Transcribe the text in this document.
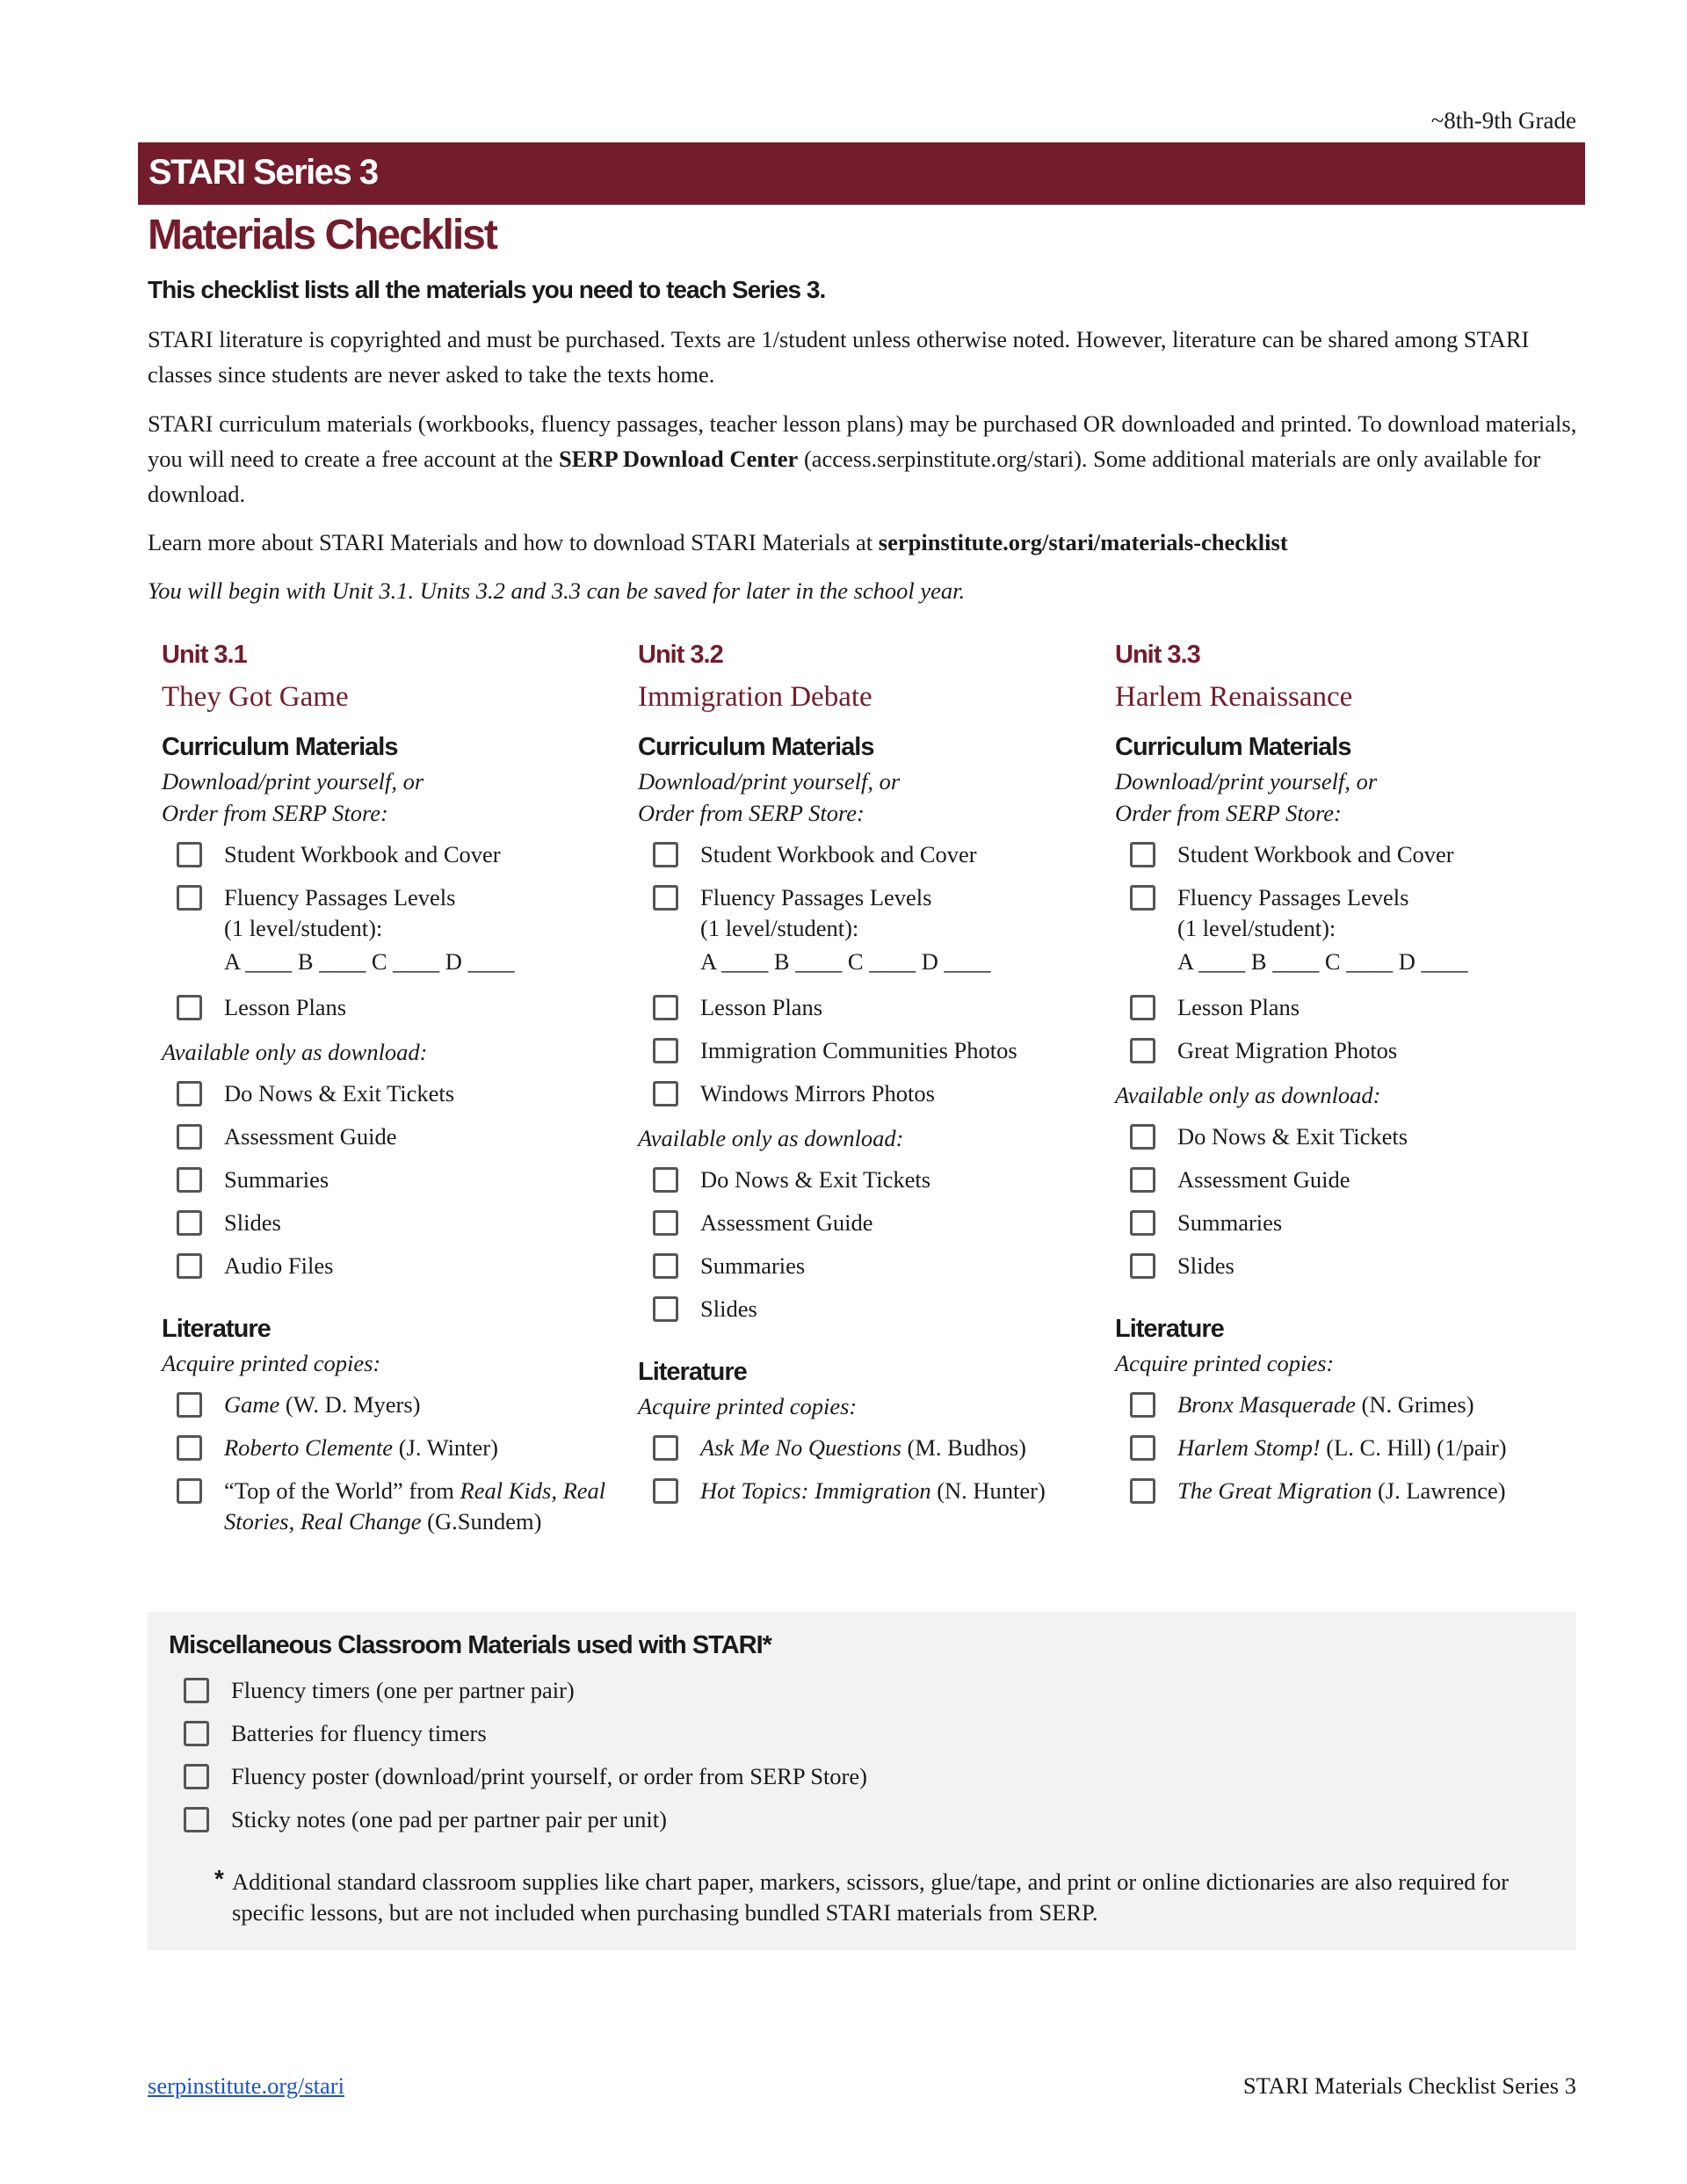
~8th-9th Grade
STARI Series 3
Materials Checklist
This checklist lists all the materials you need to teach Series 3.
STARI literature is copyrighted and must be purchased. Texts are 1/student unless otherwise noted. However, literature can be shared among STARI classes since students are never asked to take the texts home.
STARI curriculum materials (workbooks, fluency passages, teacher lesson plans) may be purchased OR downloaded and printed. To download materials, you will need to create a free account at the SERP Download Center (access.serpinstitute.org/stari). Some additional materials are only available for download.
Learn more about STARI Materials and how to download STARI Materials at serpinstitute.org/stari/materials-checklist
You will begin with Unit 3.1. Units 3.2 and 3.3 can be saved for later in the school year.
Unit 3.1
They Got Game
Curriculum Materials
Download/print yourself, or
Order from SERP Store:
Student Workbook and Cover
Fluency Passages Levels
(1 level/student):
A ____ B ____ C ____ D ____
Lesson Plans
Available only as download:
Do Nows & Exit Tickets
Assessment Guide
Summaries
Slides
Audio Files
Literature
Acquire printed copies:
Game (W. D. Myers)
Roberto Clemente (J. Winter)
“Top of the World” from Real Kids, Real Stories, Real Change (G.Sundem)
Unit 3.2
Immigration Debate
Curriculum Materials
Download/print yourself, or
Order from SERP Store:
Student Workbook and Cover
Fluency Passages Levels
(1 level/student):
A ____ B ____ C ____ D ____
Lesson Plans
Immigration Communities Photos
Windows Mirrors Photos
Available only as download:
Do Nows & Exit Tickets
Assessment Guide
Summaries
Slides
Literature
Acquire printed copies:
Ask Me No Questions (M. Budhos)
Hot Topics: Immigration (N. Hunter)
Unit 3.3
Harlem Renaissance
Curriculum Materials
Download/print yourself, or
Order from SERP Store:
Student Workbook and Cover
Fluency Passages Levels
(1 level/student):
A ____ B ____ C ____ D ____
Lesson Plans
Great Migration Photos
Available only as download:
Do Nows & Exit Tickets
Assessment Guide
Summaries
Slides
Literature
Acquire printed copies:
Bronx Masquerade (N. Grimes)
Harlem Stomp! (L. C. Hill) (1/pair)
The Great Migration (J. Lawrence)
Miscellaneous Classroom Materials used with STARI*
Fluency timers (one per partner pair)
Batteries for fluency timers
Fluency poster (download/print yourself, or order from SERP Store)
Sticky notes (one pad per partner pair per unit)
* Additional standard classroom supplies like chart paper, markers, scissors, glue/tape, and print or online dictionaries are also required for specific lessons, but are not included when purchasing bundled STARI materials from SERP.
serpinstitute.org/stari	STARI Materials Checklist Series 3
